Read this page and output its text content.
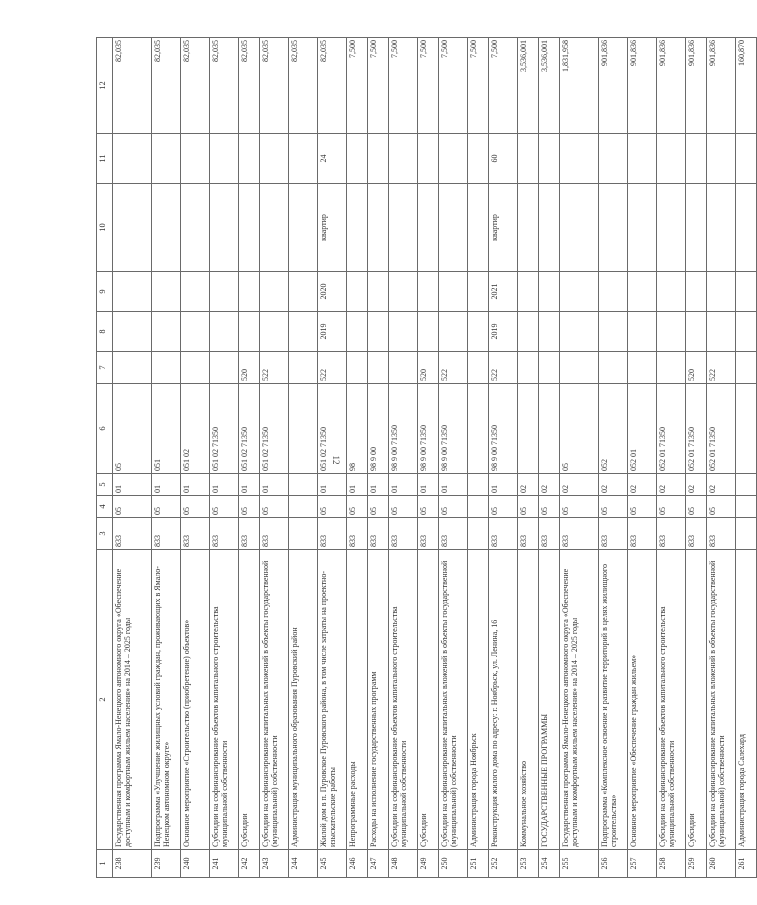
12
1	2	3	4	5	6	7	8	9	10	11	12
238	Государственная программа Ямало-Ненецкого автономного округа «Обеспечение доступным и комфортным жильем населения» на 2014 – 2025 годы	833	05	01	05						82,035
239	Подпрограмма «Улучшение жилищных условий граждан, проживающих в Ямало-Ненецком автономном округе»	833	05	01	051						82,035
240	Основное мероприятие «Строительство (приобретение) объектов»	833	05	01	051 02						82,035
241	Субсидии на софинансирование объектов капитального строительства муниципальной собственности	833	05	01	051 02 71350						82,035
242	Субсидии	833	05	01	051 02 71350	520					82,035
243	Субсидии на софинансирование капитальных вложений в объекты государственной (муниципальной) собственности	833	05	01	051 02 71350	522					82,035
244	Администрация муниципального образования Пуровский район										82,035
245	Жилой дом в п. Пуровское Пуровского района, в том числе затраты на проектно-изыскательские работы	833	05	01	051 02 71350	522	2019	2020	квартир	24	82,035
246	Непрограммные расходы	833	05	01	98						7,500
247	Расходы на исполнение государственных программ	833	05	01	98 9 00						7,500
248	Субсидии на софинансирование объектов капитального строительства муниципальной собственности	833	05	01	98 9 00 71350						7,500
249	Субсидии	833	05	01	98 9 00 71350	520					7,500
250	Субсидии на софинансирование капитальных вложений в объекты государственной (муниципальной) собственности	833	05	01	98 9 00 71350	522					7,500
251	Администрация города Ноябрьск										7,500
252	Реконструкция жилого дома по адресу: г. Ноябрьск, ул. Ленина, 16	833	05	01	98 9 00 71350	522	2019	2021	квартир	60	7,500
253	Коммунальное хозяйство	833	05	02							3,536,001
254	ГОСУДАРСТВЕННЫЕ ПРОГРАММЫ	833	05	02							3,536,001
255	Государственная программа Ямало-Ненецкого автономного округа «Обеспечение доступным и комфортным жильем населения» на 2014 – 2025 годы	833	05	02	05						1,831,958
256	Подпрограмма «Комплексное освоение и развитие территорий в целях жилищного строительства»	833	05	02	052						901,836
257	Основное мероприятие «Обеспечение граждан жильем»	833	05	02	052 01						901,836
258	Субсидии на софинансирование объектов капитального строительства муниципальной собственности	833	05	02	052 01 71350						901,836
259	Субсидии	833	05	02	052 01 71350	520					901,836
260	Субсидии на софинансирование капитальных вложений в объекты государственной (муниципальной) собственности	833	05	02	052 01 71350	522					901,836
261	Администрация города Салехард										160,870
